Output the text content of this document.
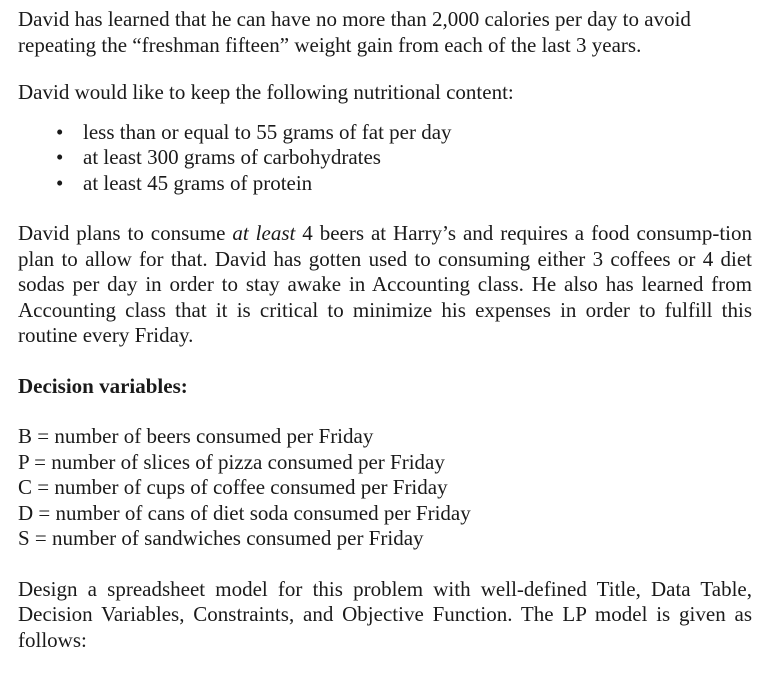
David has learned that he can have no more than 2,000 calories per day to avoid

repeating the “freshman fifteen” weight gain from each of the last 3 years.

David would like to keep the following nutritional content:

• less than or equal to 55 grams of fat per day
• at least 300 grams of carbohydrates
• at least 45 grams of protein

David plans to consume at least 4 beers at Harry’s and requires a food consump-tion plan to allow for that. David has gotten used to consuming either 3 coffees or 4 diet sodas per day in order to stay awake in Accounting class. He also has learned from Accounting class that it is critical to minimize his expenses in order to fulfill this routine every Friday.

Decision variables:

B = number of beers consumed per Friday

P = number of slices of pizza consumed per Friday

C = number of cups of coffee consumed per Friday

D = number of cans of diet soda consumed per Friday

S = number of sandwiches consumed per Friday

Design a spreadsheet model for this problem with well-defined Title, Data Table, Decision Variables, Constraints, and Objective Function. The LP model is given as follows:
